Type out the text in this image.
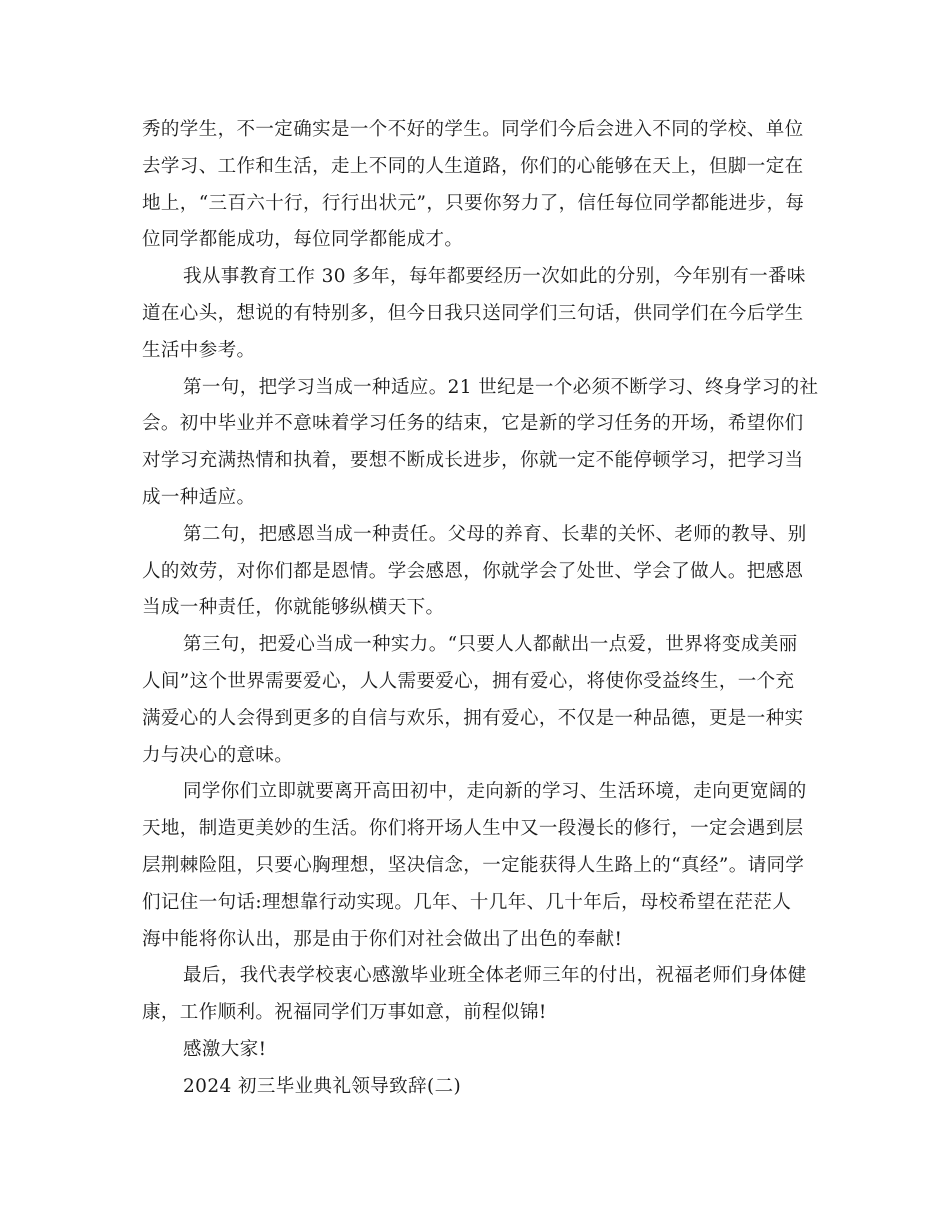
秀的学生，不一定确实是一个不好的学生。同学们今后会进入不同的学校、单位
去学习、工作和生活，走上不同的人生道路，你们的心能够在天上，但脚一定在
地上，“三百六十行，行行出状元”，只要你努力了，信任每位同学都能进步，每
位同学都能成功，每位同学都能成才。
我从事教育工作 30 多年，每年都要经历一次如此的分别，今年别有一番味
道在心头，想说的有特别多，但今日我只送同学们三句话，供同学们在今后学生
生活中参考。
第一句，把学习当成一种适应。21 世纪是一个必须不断学习、终身学习的社
会。初中毕业并不意味着学习任务的结束，它是新的学习任务的开场，希望你们
对学习充满热情和执着，要想不断成长进步，你就一定不能停顿学习，把学习当
成一种适应。
第二句，把感恩当成一种责任。父母的养育、长辈的关怀、老师的教导、别
人的效劳，对你们都是恩情。学会感恩，你就学会了处世、学会了做人。把感恩
当成一种责任，你就能够纵横天下。
第三句，把爱心当成一种实力。“只要人人都献出一点爱，世界将变成美丽
人间”这个世界需要爱心，人人需要爱心，拥有爱心，将使你受益终生，一个充
满爱心的人会得到更多的自信与欢乐，拥有爱心，不仅是一种品德，更是一种实
力与决心的意味。
同学你们立即就要离开高田初中，走向新的学习、生活环境，走向更宽阔的
天地，制造更美妙的生活。你们将开场人生中又一段漫长的修行，一定会遇到层
层荆棘险阻，只要心胸理想，坚决信念，一定能获得人生路上的“真经”。请同学
们记住一句话:理想靠行动实现。几年、十几年、几十年后，母校希望在茫茫人
海中能将你认出，那是由于你们对社会做出了出色的奉献!
最后，我代表学校衷心感激毕业班全体老师三年的付出，祝福老师们身体健
康，工作顺利。祝福同学们万事如意，前程似锦!
感激大家!
2024 初三毕业典礼领导致辞(二)
